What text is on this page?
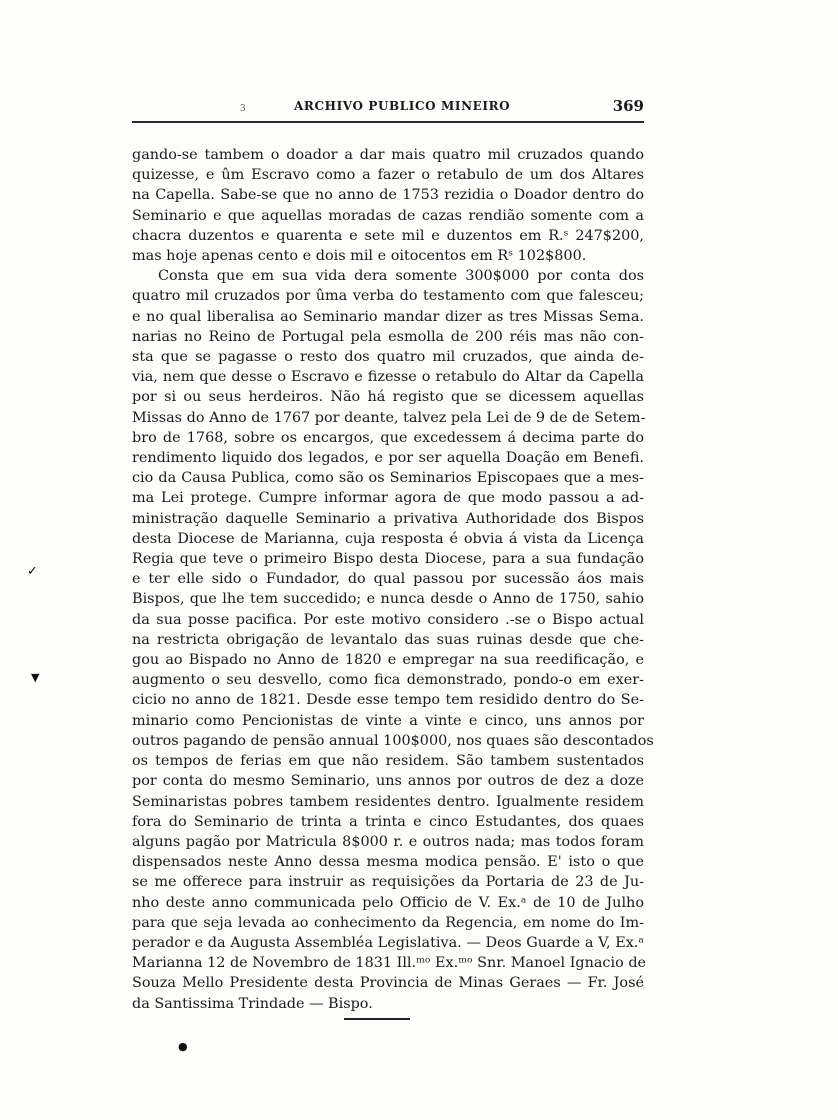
3	ARCHIVO PUBLICO MINEIRO	369
gando-se tambem o doador a dar mais quatro mil cruzados quando
quizesse, e ûm Escravo como a fazer o retabulo de um dos Altares
na Capella. Sabe-se que no anno de 1753 rezidia o Doador dentro do
Seminario e que aquellas moradas de cazas rendião somente com a
chacra duzentos e quarenta e sete mil e duzentos em R.ˢ 247$200,
mas hoje apenas cento e dois mil e oitocentos em Rˢ 102$800.
Consta que em sua vida dera somente 300$000 por conta dos
quatro mil cruzados por ûma verba do testamento com que falesceu;
e no qual liberalisa ao Seminario mandar dizer as tres Missas Sema.
narias no Reino de Portugal pela esmolla de 200 réis mas não con-
sta que se pagasse o resto dos quatro mil cruzados, que ainda de-
via, nem que desse o Escravo e fizesse o retabulo do Altar da Capella
por si ou seus herdeiros. Não há registo que se dicessem aquellas
Missas do Anno de 1767 por deante, talvez pela Lei de 9 de de Setem-
bro de 1768, sobre os encargos, que excedessem á decima parte do
rendimento liquido dos legados, e por ser aquella Doação em Benefi.
cio da Causa Publica, como são os Seminarios Episcopaes que a mes-
ma Lei protege. Cumpre informar agora de que modo passou a ad-
ministração daquelle Seminario a privativa Authoridade dos Bispos
desta Diocese de Marianna, cuja resposta é obvia á vista da Licença
Regia que teve o primeiro Bispo desta Diocese, para a sua fundação
e ter elle sido o Fundador, do qual passou por sucessão áos mais
Bispos, que lhe tem succedido; e nunca desde o Anno de 1750, sahio
da sua posse pacifica. Por este motivo considero .-se o Bispo actual
na restricta obrigação de levantalo das suas ruinas desde que che-
gou ao Bispado no Anno de 1820 e empregar na sua reedificação, e
augmento o seu desvello, como fica demonstrado, pondo-o em exer-
cicio no anno de 1821. Desde esse tempo tem residido dentro do Se-
minario como Pencionistas de vinte a vinte e cinco, uns annos por
outros pagando de pensão annual 100$000, nos quaes são descontados
os tempos de ferias em que não residem. São tambem sustentados
por conta do mesmo Seminario, uns annos por outros de dez a doze
Seminaristas pobres tambem residentes dentro. Igualmente residem
fora do Seminario de trinta a trinta e cinco Estudantes, dos quaes
alguns pagão por Matricula 8$000 r. e outros nada; mas todos foram
dispensados neste Anno dessa mesma modica pensão. E' isto o que
se me offerece para instruir as requisições da Portaria de 23 de Ju-
nho deste anno communicada pelo Officio de V. Ex.ᵃ de 10 de Julho
para que seja levada ao conhecimento da Regencia, em nome do Im-
perador e da Augusta Assembléa Legislativa. — Deos Guarde a V, Ex.ᵃ
Marianna 12 de Novembro de 1831 Ill.ᵐᵒ Ex.ᵐᵒ Snr. Manoel Ignacio de
Souza Mello Presidente desta Provincia de Minas Geraes — Fr. José
da Santissima Trindade — Bispo.
✓
▼
●
